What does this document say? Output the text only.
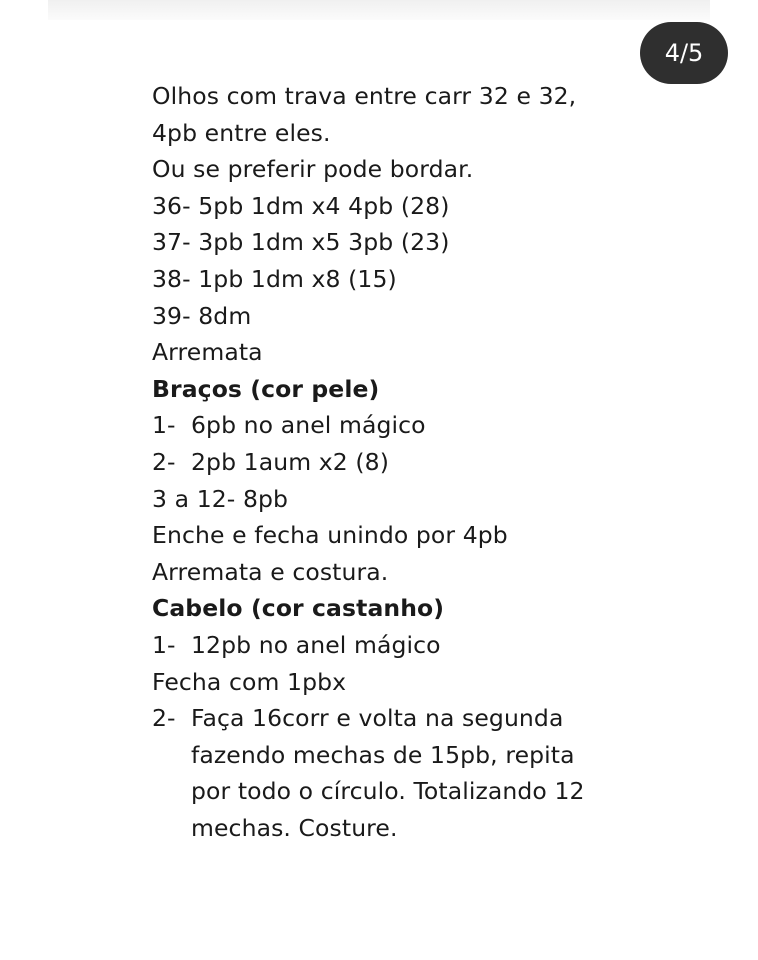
4/5
Olhos com trava entre carr 32 e 32,
4pb entre eles.
Ou se preferir pode bordar.
36- 5pb 1dm x4 4pb (28)
37- 3pb 1dm x5 3pb (23)
38- 1pb 1dm x8 (15)
39- 8dm
Arremata
Braços (cor pele)
1- 6pb no anel mágico
2- 2pb 1aum x2 (8)
3 a 12- 8pb
Enche e fecha unindo por 4pb
Arremata e costura.
Cabelo (cor castanho)
1- 12pb no anel mágico
Fecha com 1pbx
2- Faça 16corr e volta na segunda fazendo mechas de 15pb, repita por todo o círculo. Totalizando 12 mechas. Costure.
